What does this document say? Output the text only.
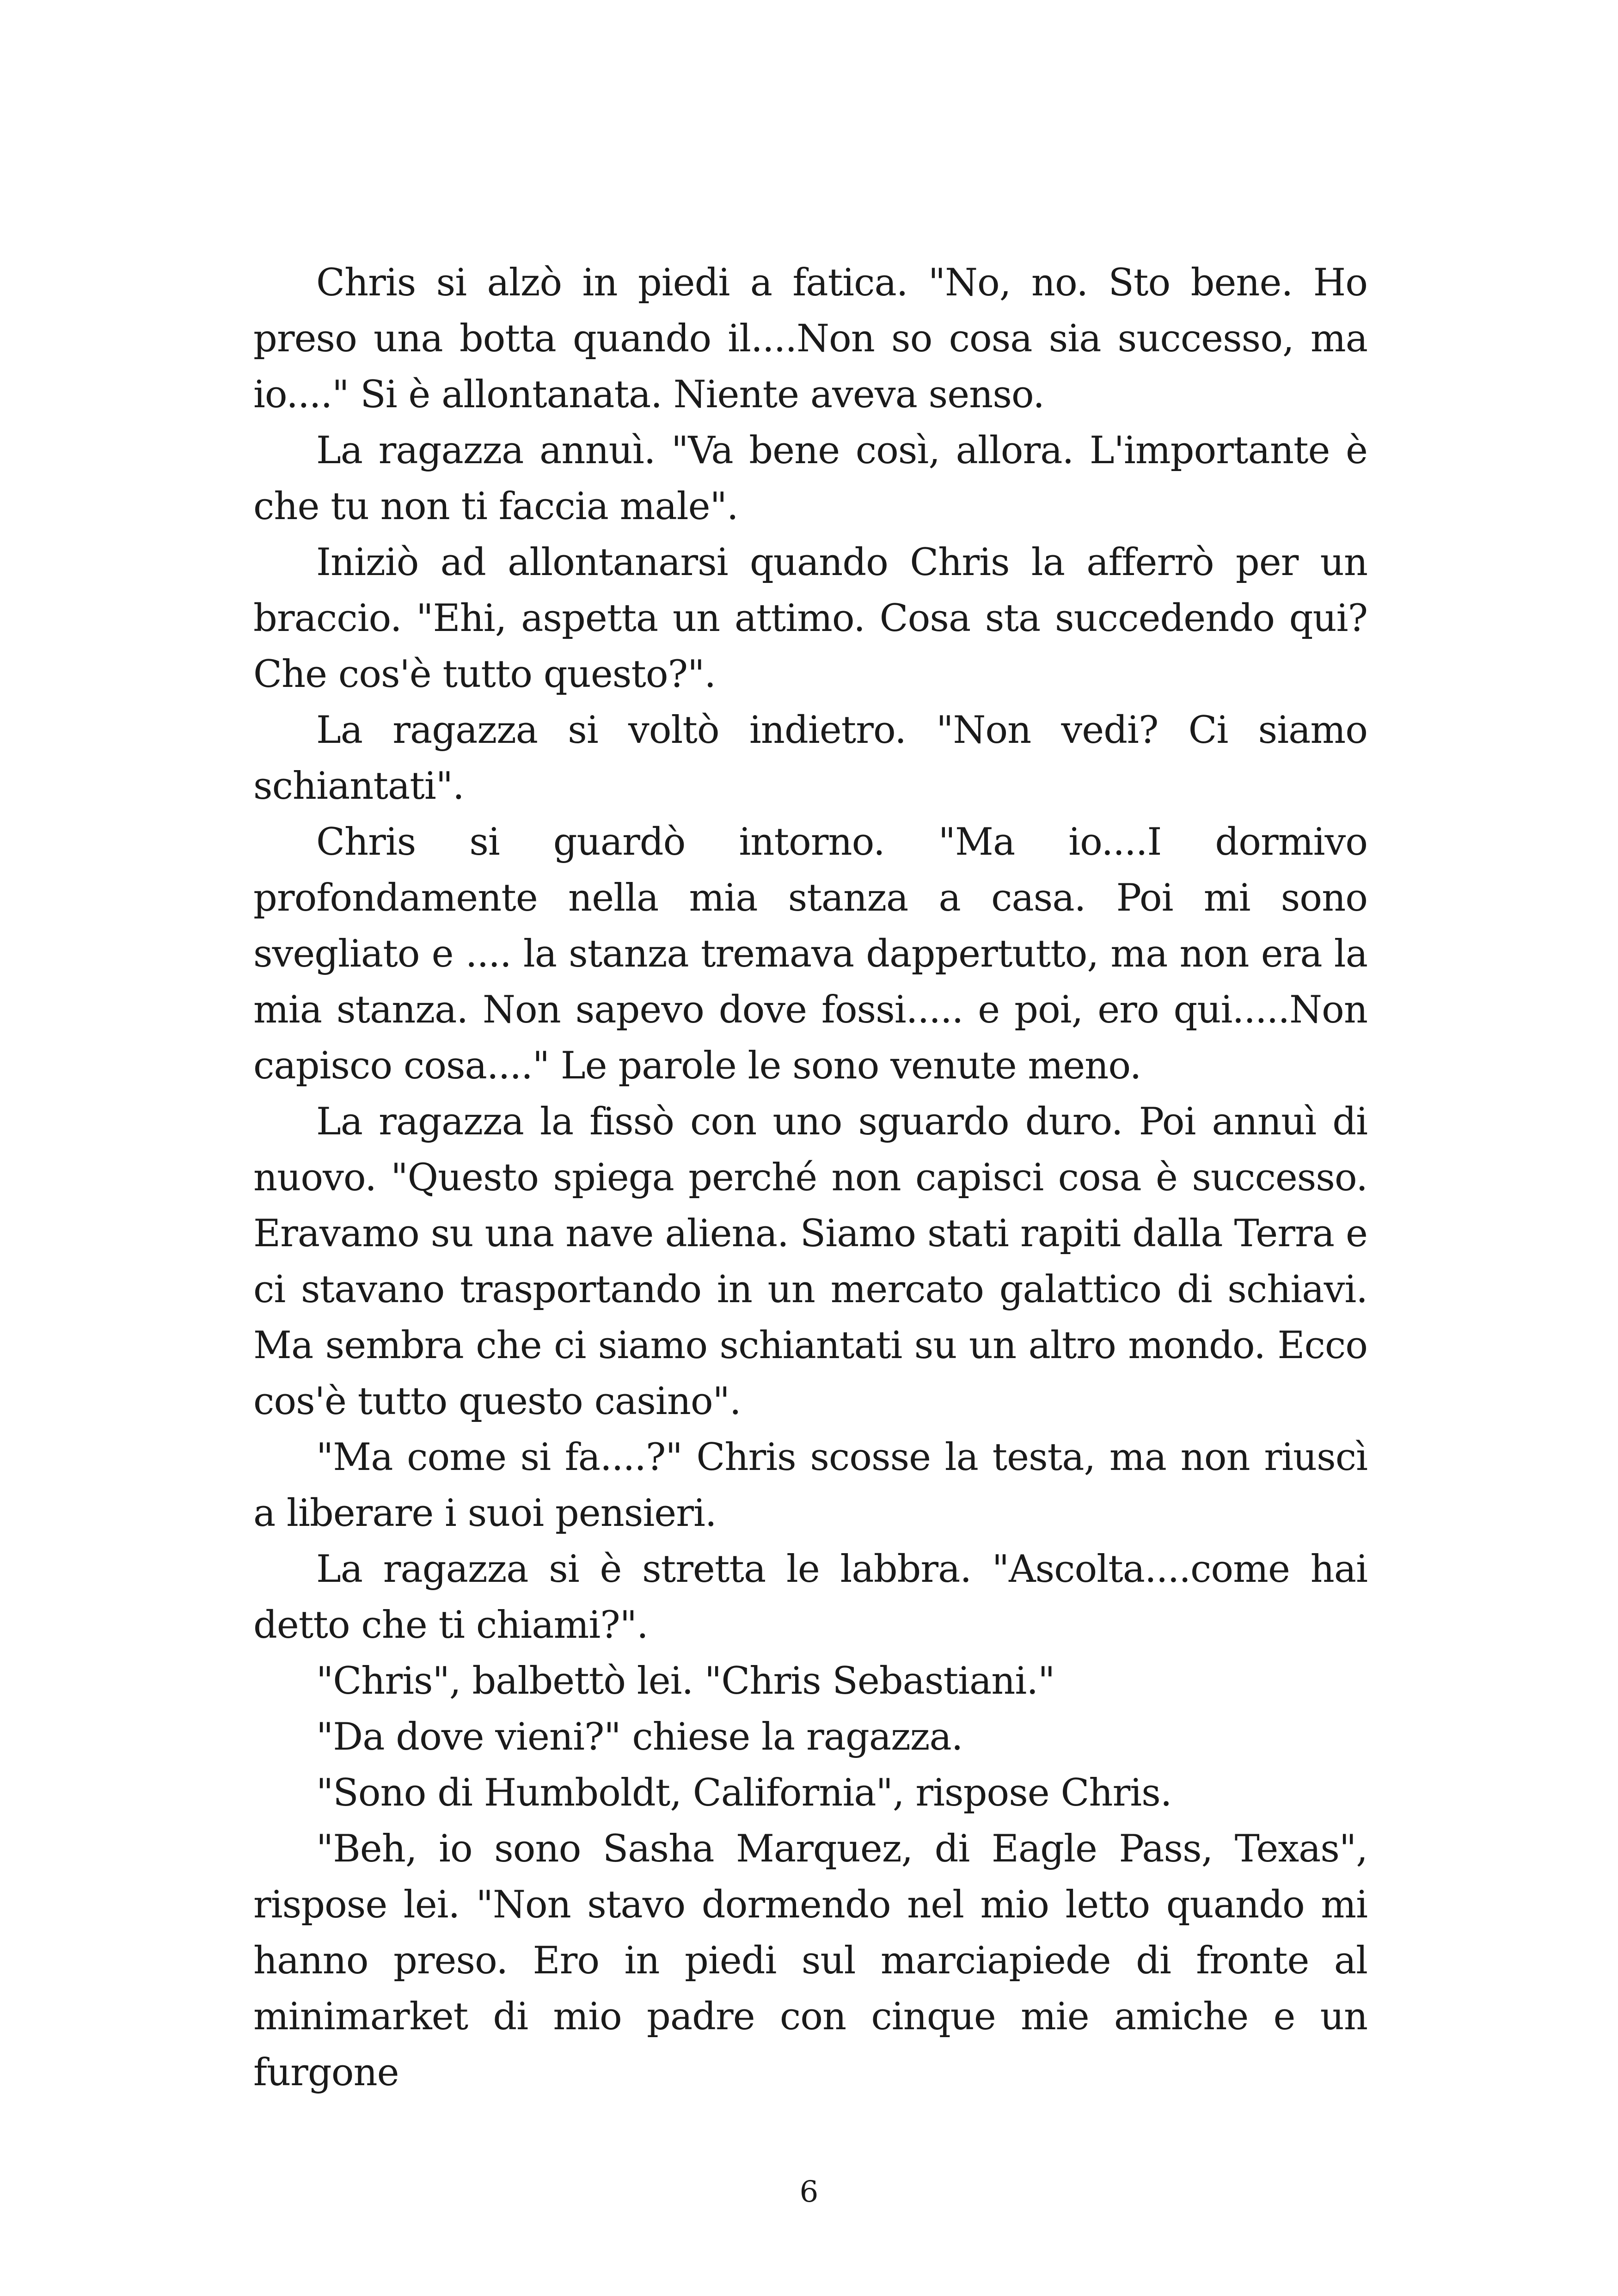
Chris si alzò in piedi a fatica. "No, no. Sto bene. Ho preso una botta quando il....Non so cosa sia successo, ma io...." Si è allontanata. Niente aveva senso.

La ragazza annuì. "Va bene così, allora. L'importante è che tu non ti faccia male".

Iniziò ad allontanarsi quando Chris la afferrò per un braccio. "Ehi, aspetta un attimo. Cosa sta succedendo qui? Che cos'è tutto questo?".

La ragazza si voltò indietro. "Non vedi? Ci siamo schiantati".

Chris si guardò intorno. "Ma io....I dormivo profondamente nella mia stanza a casa. Poi mi sono svegliato e .... la stanza tremava dappertutto, ma non era la mia stanza. Non sapevo dove fossi..... e poi, ero qui.....Non capisco cosa...." Le parole le sono venute meno.

La ragazza la fissò con uno sguardo duro. Poi annuì di nuovo. "Questo spiega perché non capisci cosa è successo. Eravamo su una nave aliena. Siamo stati rapiti dalla Terra e ci stavano trasportando in un mercato galattico di schiavi. Ma sembra che ci siamo schiantati su un altro mondo. Ecco cos'è tutto questo casino".

"Ma come si fa....?" Chris scosse la testa, ma non riuscì a liberare i suoi pensieri.

La ragazza si è stretta le labbra. "Ascolta....come hai detto che ti chiami?".

"Chris", balbettò lei. "Chris Sebastiani."

"Da dove vieni?" chiese la ragazza.

"Sono di Humboldt, California", rispose Chris.

"Beh, io sono Sasha Marquez, di Eagle Pass, Texas", rispose lei. "Non stavo dormendo nel mio letto quando mi hanno preso. Ero in piedi sul marciapiede di fronte al minimarket di mio padre con cinque mie amiche e un furgone

6
